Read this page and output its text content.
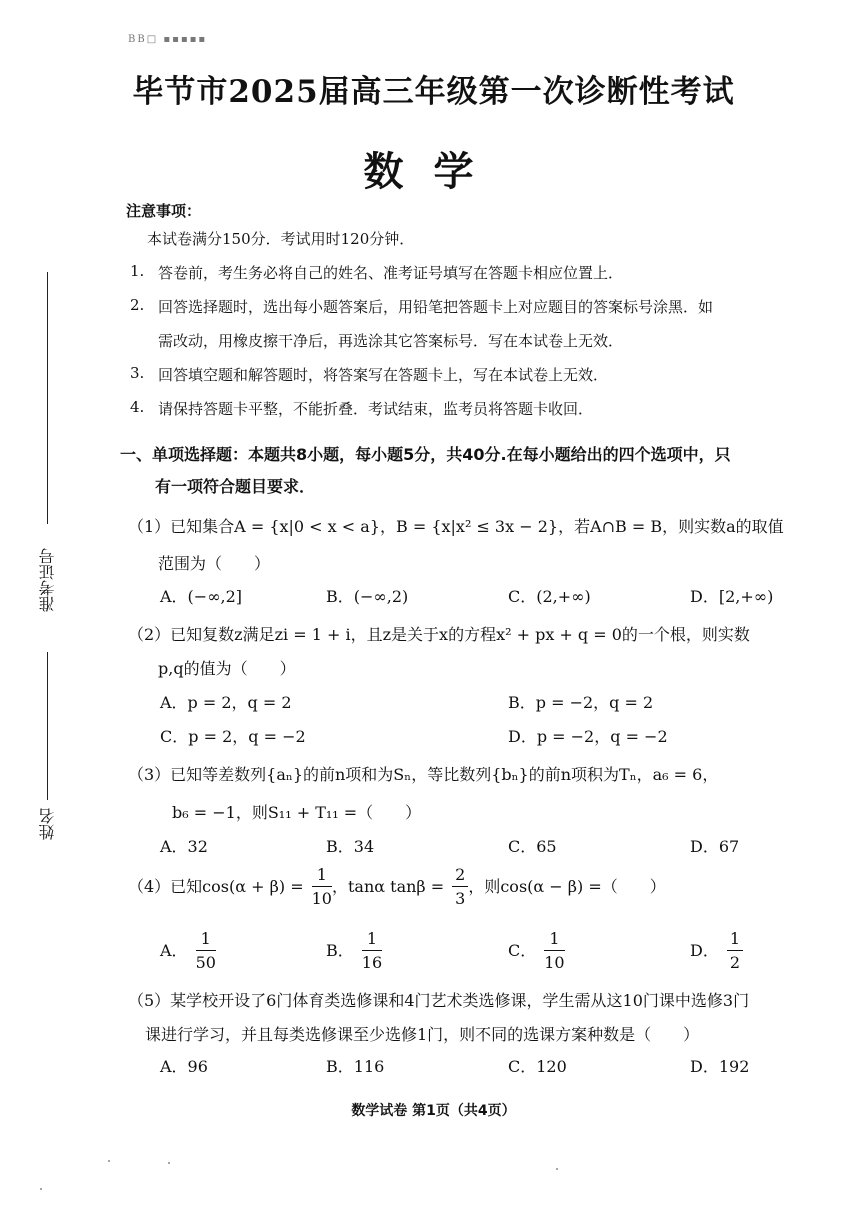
ВВ□ ▪▪▪▪▪
毕节市2025届高三年级第一次诊断性考试
数学
注意事项：
本试卷满分150分．考试用时120分钟．
1. 答卷前，考生务必将自己的姓名、准考证号填写在答题卡相应位置上．
2. 回答选择题时，选出每小题答案后，用铅笔把答题卡上对应题目的答案标号涂黑．如
需改动，用橡皮擦干净后，再选涂其它答案标号．写在本试卷上无效．
3. 回答填空题和解答题时，将答案写在答题卡上，写在本试卷上无效．
4. 请保持答题卡平整，不能折叠．考试结束，监考员将答题卡收回．
一、单项选择题：本题共8小题，每小题5分，共40分.在每小题给出的四个选项中，只
有一项符合题目要求．
（1）已知集合A = {x|0 < x < a}，B = {x|x² ≤ 3x − 2}，若A∩B = B，则实数a的取值
范围为（　　）
A．(−∞,2]	B．(−∞,2)	C．(2,+∞)	D．[2,+∞)
（2）已知复数z满足zi = 1 + i，且z是关于x的方程x² + px + q = 0的一个根，则实数
p,q的值为（　　）
A．p = 2，q = 2	B．p = −2，q = 2
C．p = 2，q = −2	D．p = −2，q = −2
（3）已知等差数列{aₙ}的前n项和为Sₙ，等比数列{bₙ}的前n项积为Tₙ，a₆ = 6，
b₆ = −1，则S₁₁ + T₁₁ =（　　）
A．32	B．34	C．65	D．67
（4）已知$\cos(\alpha + \beta) = \frac{1}{10}$ ，tanα $\tan\beta = \frac{2}{3}$ ，则cos(α − β) =（　　）
A． $\frac{1}{50}$	B． $\frac{1}{16}$	C． $\frac{1}{10}$	D． $\frac{1}{2}$
（5）某学校开设了6门体育类选修课和4门艺术类选修课，学生需从这10门课中选修3门
课进行学习，并且每类选修课至少选修1门，则不同的选课方案种数是（　　）
A．96	B．116	C．120	D．192
准考证号
姓名
数学试卷 第1页（共4页）
